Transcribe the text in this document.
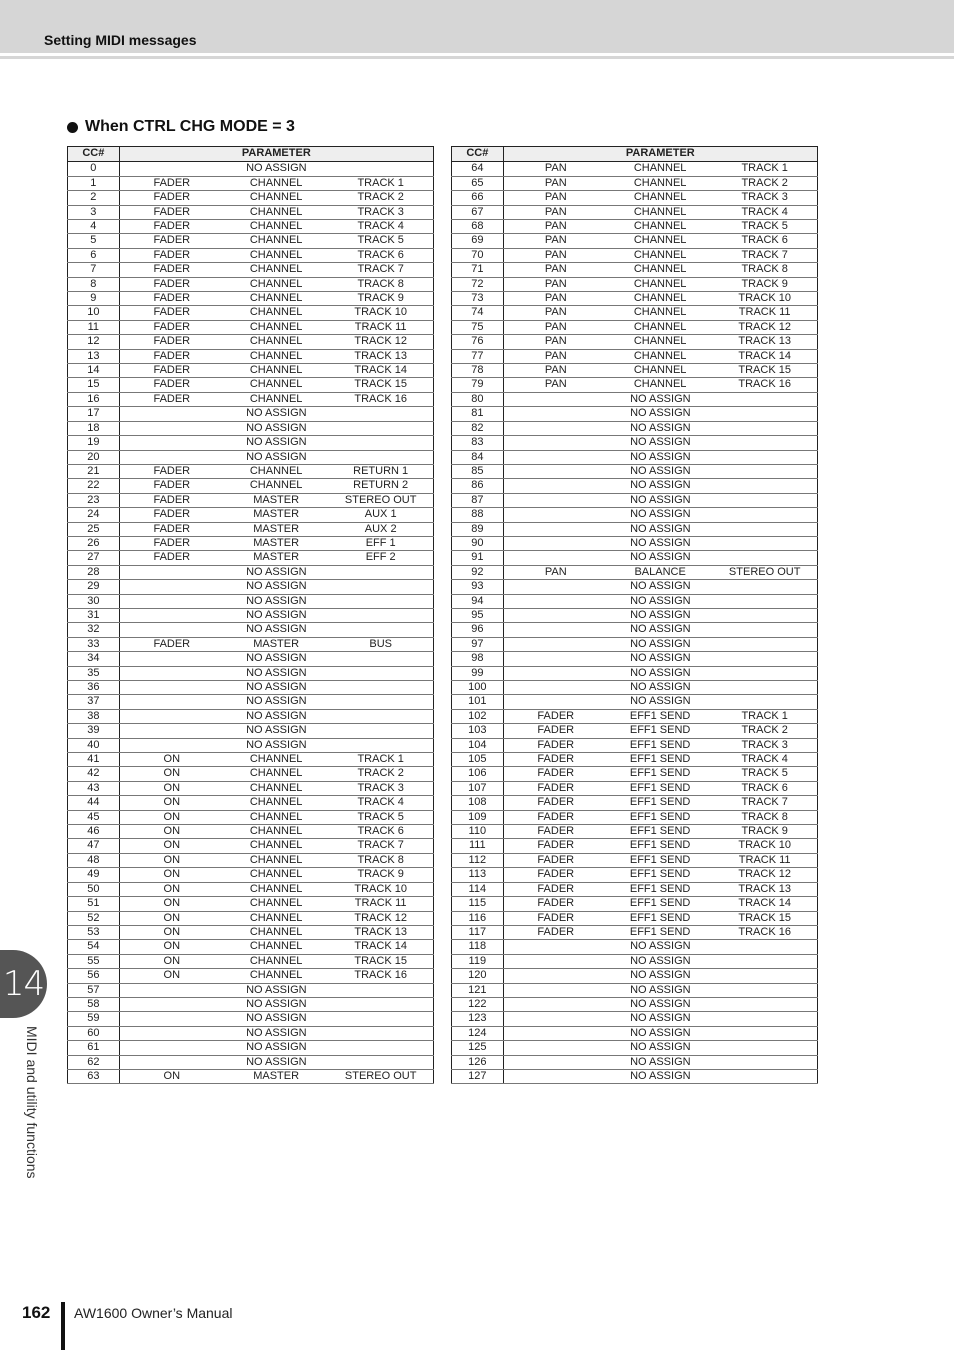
Setting MIDI messages
When CTRL CHG MODE = 3
CC#	PARAMETER		
0	NO ASSIGN		
1	FADER	CHANNEL	TRACK 1
2	FADER	CHANNEL	TRACK 2
3	FADER	CHANNEL	TRACK 3
4	FADER	CHANNEL	TRACK 4
5	FADER	CHANNEL	TRACK 5
6	FADER	CHANNEL	TRACK 6
7	FADER	CHANNEL	TRACK 7
8	FADER	CHANNEL	TRACK 8
9	FADER	CHANNEL	TRACK 9
10	FADER	CHANNEL	TRACK 10
11	FADER	CHANNEL	TRACK 11
12	FADER	CHANNEL	TRACK 12
13	FADER	CHANNEL	TRACK 13
14	FADER	CHANNEL	TRACK 14
15	FADER	CHANNEL	TRACK 15
16	FADER	CHANNEL	TRACK 16
17	NO ASSIGN		
18	NO ASSIGN		
19	NO ASSIGN		
20	NO ASSIGN		
21	FADER	CHANNEL	RETURN 1
22	FADER	CHANNEL	RETURN 2
23	FADER	MASTER	STEREO OUT
24	FADER	MASTER	AUX 1
25	FADER	MASTER	AUX 2
26	FADER	MASTER	EFF 1
27	FADER	MASTER	EFF 2
28	NO ASSIGN		
29	NO ASSIGN		
30	NO ASSIGN		
31	NO ASSIGN		
32	NO ASSIGN		
33	FADER	MASTER	BUS
34	NO ASSIGN		
35	NO ASSIGN		
36	NO ASSIGN		
37	NO ASSIGN		
38	NO ASSIGN		
39	NO ASSIGN		
40	NO ASSIGN		
41	ON	CHANNEL	TRACK 1
42	ON	CHANNEL	TRACK 2
43	ON	CHANNEL	TRACK 3
44	ON	CHANNEL	TRACK 4
45	ON	CHANNEL	TRACK 5
46	ON	CHANNEL	TRACK 6
47	ON	CHANNEL	TRACK 7
48	ON	CHANNEL	TRACK 8
49	ON	CHANNEL	TRACK 9
50	ON	CHANNEL	TRACK 10
51	ON	CHANNEL	TRACK 11
52	ON	CHANNEL	TRACK 12
53	ON	CHANNEL	TRACK 13
54	ON	CHANNEL	TRACK 14
55	ON	CHANNEL	TRACK 15
56	ON	CHANNEL	TRACK 16
57	NO ASSIGN		
58	NO ASSIGN		
59	NO ASSIGN		
60	NO ASSIGN		
61	NO ASSIGN		
62	NO ASSIGN		
63	ON	MASTER	STEREO OUT
CC#	PARAMETER		
64	PAN	CHANNEL	TRACK 1
65	PAN	CHANNEL	TRACK 2
66	PAN	CHANNEL	TRACK 3
67	PAN	CHANNEL	TRACK 4
68	PAN	CHANNEL	TRACK 5
69	PAN	CHANNEL	TRACK 6
70	PAN	CHANNEL	TRACK 7
71	PAN	CHANNEL	TRACK 8
72	PAN	CHANNEL	TRACK 9
73	PAN	CHANNEL	TRACK 10
74	PAN	CHANNEL	TRACK 11
75	PAN	CHANNEL	TRACK 12
76	PAN	CHANNEL	TRACK 13
77	PAN	CHANNEL	TRACK 14
78	PAN	CHANNEL	TRACK 15
79	PAN	CHANNEL	TRACK 16
80	NO ASSIGN		
81	NO ASSIGN		
82	NO ASSIGN		
83	NO ASSIGN		
84	NO ASSIGN		
85	NO ASSIGN		
86	NO ASSIGN		
87	NO ASSIGN		
88	NO ASSIGN		
89	NO ASSIGN		
90	NO ASSIGN		
91	NO ASSIGN		
92	PAN	BALANCE	STEREO OUT
93	NO ASSIGN		
94	NO ASSIGN		
95	NO ASSIGN		
96	NO ASSIGN		
97	NO ASSIGN		
98	NO ASSIGN		
99	NO ASSIGN		
100	NO ASSIGN		
101	NO ASSIGN		
102	FADER	EFF1 SEND	TRACK 1
103	FADER	EFF1 SEND	TRACK 2
104	FADER	EFF1 SEND	TRACK 3
105	FADER	EFF1 SEND	TRACK 4
106	FADER	EFF1 SEND	TRACK 5
107	FADER	EFF1 SEND	TRACK 6
108	FADER	EFF1 SEND	TRACK 7
109	FADER	EFF1 SEND	TRACK 8
110	FADER	EFF1 SEND	TRACK 9
111	FADER	EFF1 SEND	TRACK 10
112	FADER	EFF1 SEND	TRACK 11
113	FADER	EFF1 SEND	TRACK 12
114	FADER	EFF1 SEND	TRACK 13
115	FADER	EFF1 SEND	TRACK 14
116	FADER	EFF1 SEND	TRACK 15
117	FADER	EFF1 SEND	TRACK 16
118	NO ASSIGN		
119	NO ASSIGN		
120	NO ASSIGN		
121	NO ASSIGN		
122	NO ASSIGN		
123	NO ASSIGN		
124	NO ASSIGN		
125	NO ASSIGN		
126	NO ASSIGN		
127	NO ASSIGN		
14
MIDI and utility functions
162 AW1600 Owner’s Manual
